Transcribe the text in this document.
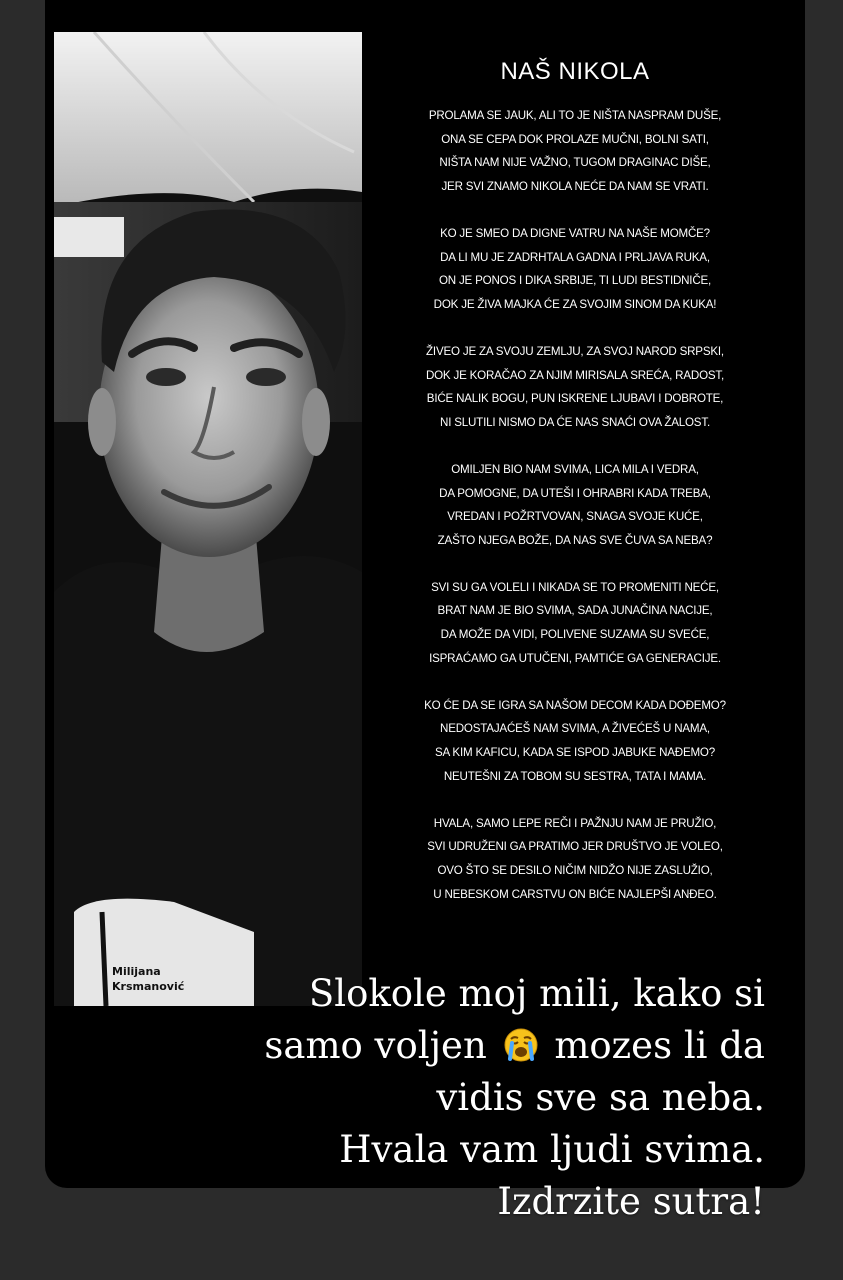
Milijana
Krsmanović
NAŠ NIKOLA
PROLAMA SE JAUK, ALI TO JE NIŠTA NASPRAM DUŠE,
ONA SE CEPA DOK PROLAZE MUČNI, BOLNI SATI,
NIŠTA NAM NIJE VAŽNO, TUGOM DRAGINAC DIŠE,
JER SVI ZNAMO NIKOLA NEĆE DA NAM SE VRATI.
KO JE SMEO DA DIGNE VATRU NA NAŠE MOMČE?
DA LI MU JE ZADRHTALA GADNA I PRLJAVA RUKA,
ON JE PONOS I DIKA SRBIJE, TI LUDI BESTIDNIČE,
DOK JE ŽIVA MAJKA ĆE ZA SVOJIM SINOM DA KUKA!
ŽIVEO JE ZA SVOJU ZEMLJU, ZA SVOJ NAROD SRPSKI,
DOK JE KORAČAO ZA NJIM MIRISALA SREĆA, RADOST,
BIĆE NALIK BOGU, PUN ISKRENE LJUBAVI I DOBROTE,
NI SLUTILI NISMO DA ĆE NAS SNAĆI OVA ŽALOST.
OMILJEN BIO NAM SVIMA, LICA MILA I VEDRA,
DA POMOGNE, DA UTEŠI I OHRABRI KADA TREBA,
VREDAN I POŽRTVOVAN, SNAGA SVOJE KUĆE,
ZAŠTO NJEGA BOŽE, DA NAS SVE ČUVA SA NEBA?
SVI SU GA VOLELI I NIKADA SE TO PROMENITI NEĆE,
BRAT NAM JE BIO SVIMA, SADA JUNAČINA NACIJE,
DA MOŽE DA VIDI, POLIVENE SUZAMA SU SVEĆE,
ISPRAĆAMO GA UTUČENI, PAMTIĆE GA GENERACIJE.
KO ĆE DA SE IGRA SA NAŠOM DECOM KADA DOĐEMO?
NEDOSTAJAĆEŠ NAM SVIMA, A ŽIVEĆEŠ U NAMA,
SA KIM KAFICU, KADA SE ISPOD JABUKE NAĐEMO?
NEUTEŠNI ZA TOBOM SU SESTRA, TATA I MAMA.
HVALA, SAMO LEPE REČI I PAŽNJU NAM JE PRUŽIO,
SVI UDRUŽENI GA PRATIMO JER DRUŠTVO JE VOLEO,
OVO ŠTO SE DESILO NIČIM NIDŽO NIJE ZASLUŽIO,
U NEBESKOM CARSTVU ON BIĆE NAJLEPŠI ANĐEO.
Slokole moj mili, kako si
samo voljen mozes li da
vidis sve sa neba.
Hvala vam ljudi svima.
Izdrzite sutra!
